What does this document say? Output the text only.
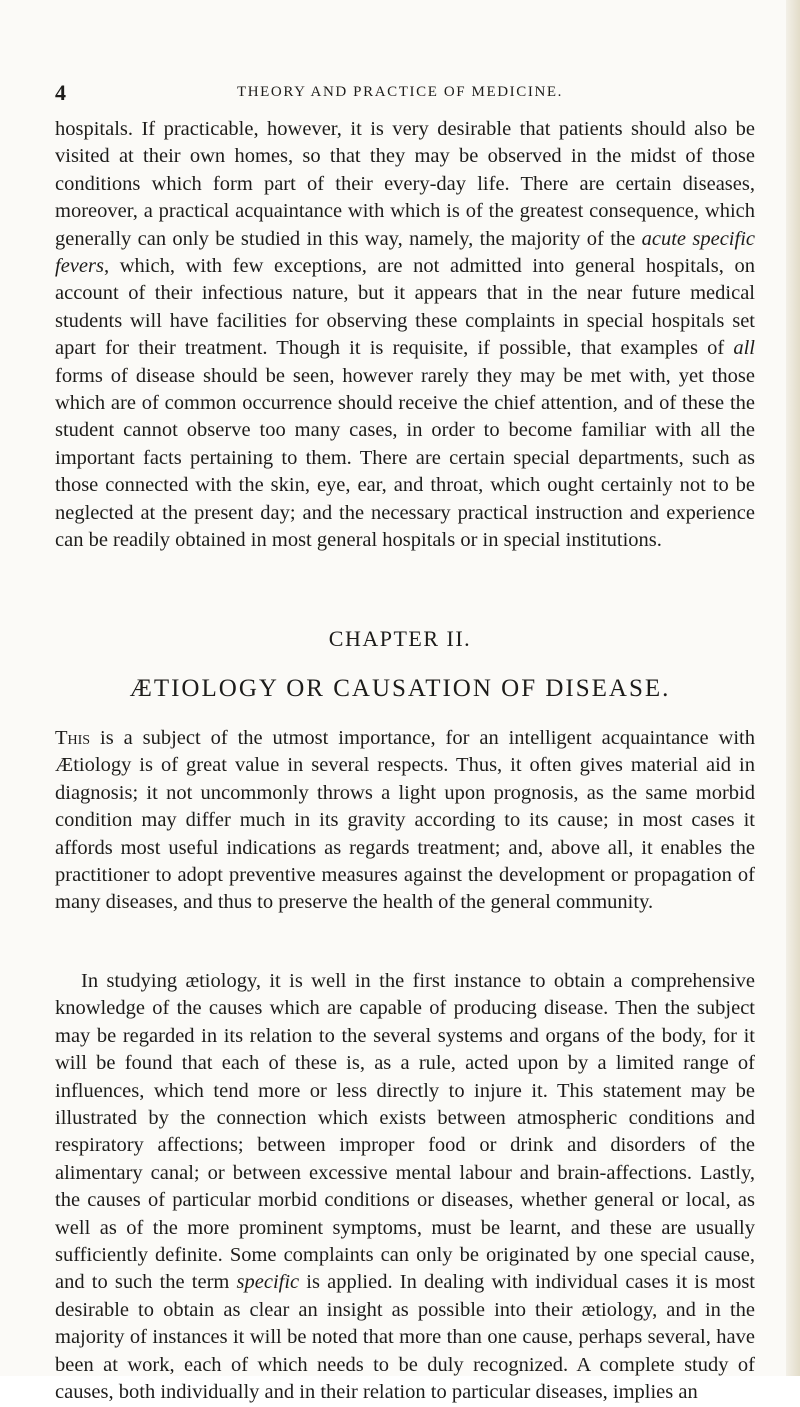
4	THEORY AND PRACTICE OF MEDICINE.

hospitals. If practicable, however, it is very desirable that patients should also be visited at their own homes, so that they may be observed in the midst of those conditions which form part of their every-day life. There are certain diseases, moreover, a practical acquaintance with which is of the greatest consequence, which generally can only be studied in this way, namely, the majority of the acute specific fevers, which, with few exceptions, are not admitted into general hospitals, on account of their infectious nature, but it appears that in the near future medical students will have facilities for observing these complaints in special hospitals set apart for their treatment. Though it is requisite, if possible, that examples of all forms of disease should be seen, however rarely they may be met with, yet those which are of common occurrence should receive the chief attention, and of these the student cannot observe too many cases, in order to become familiar with all the important facts pertaining to them. There are certain special departments, such as those connected with the skin, eye, ear, and throat, which ought certainly not to be neglected at the present day; and the necessary practical instruction and experience can be readily obtained in most general hospitals or in special institutions.

CHAPTER II.
ÆTIOLOGY OR CAUSATION OF DISEASE.

This is a subject of the utmost importance, for an intelligent acquaintance with Ætiology is of great value in several respects. Thus, it often gives material aid in diagnosis; it not uncommonly throws a light upon prognosis, as the same morbid condition may differ much in its gravity according to its cause; in most cases it affords most useful indications as regards treatment; and, above all, it enables the practitioner to adopt preventive measures against the development or propagation of many diseases, and thus to preserve the health of the general community.

In studying ætiology, it is well in the first instance to obtain a comprehensive knowledge of the causes which are capable of producing disease. Then the subject may be regarded in its relation to the several systems and organs of the body, for it will be found that each of these is, as a rule, acted upon by a limited range of influences, which tend more or less directly to injure it. This statement may be illustrated by the connection which exists between atmospheric conditions and respiratory affections; between improper food or drink and disorders of the alimentary canal; or between excessive mental labour and brain-affections. Lastly, the causes of particular morbid conditions or diseases, whether general or local, as well as of the more prominent symptoms, must be learnt, and these are usually sufficiently definite. Some complaints can only be originated by one special cause, and to such the term specific is applied. In dealing with individual cases it is most desirable to obtain as clear an insight as possible into their ætiology, and in the majority of instances it will be noted that more than one cause, perhaps several, have been at work, each of which needs to be duly recognized. A complete study of causes, both individually and in their relation to particular diseases, implies an
